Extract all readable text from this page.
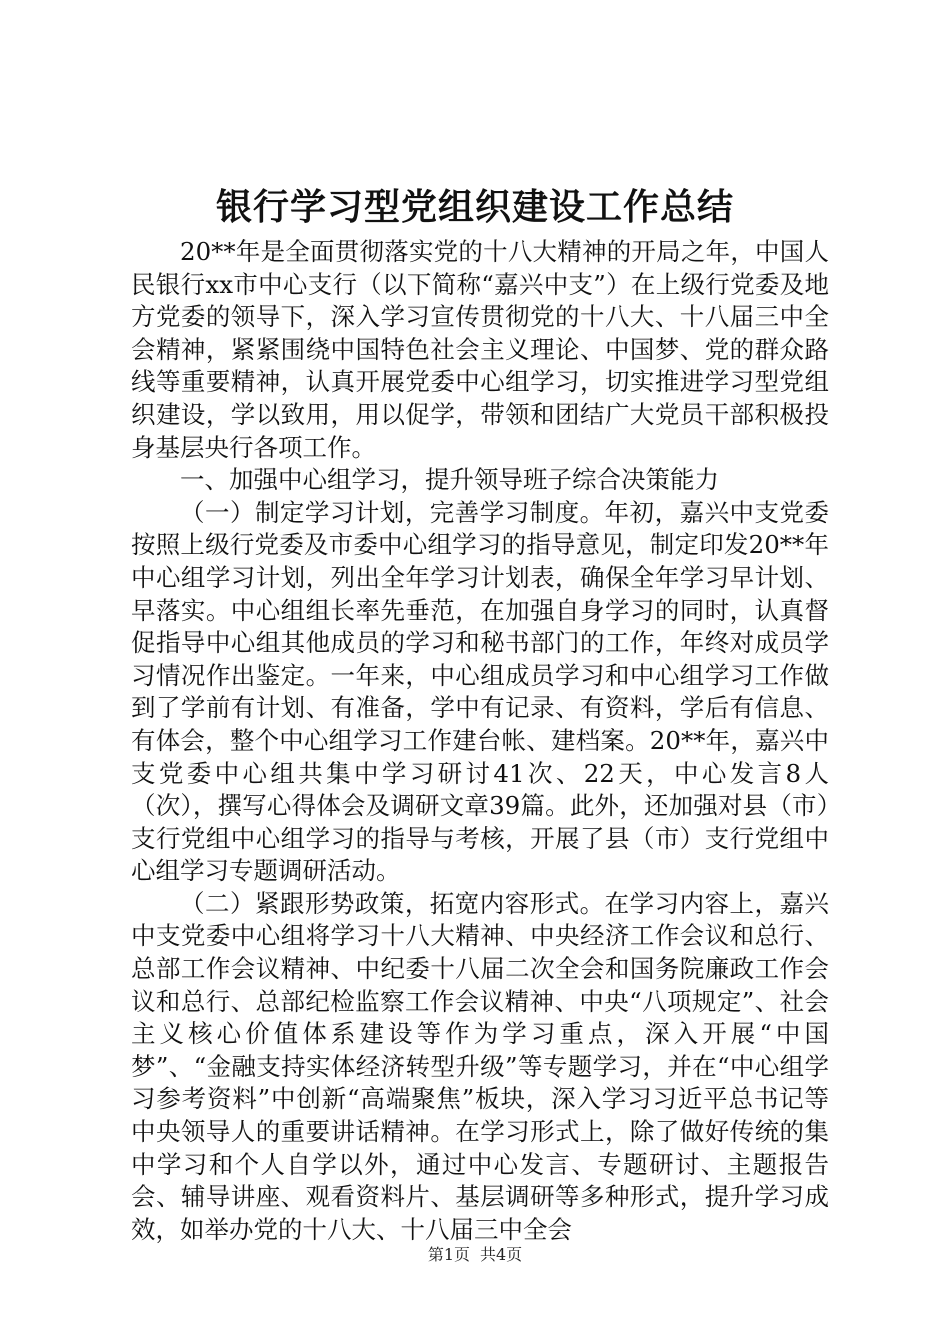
银行学习型党组织建设工作总结

20**年是全面贯彻落实党的十八大精神的开局之年，中国人民银行xx市中心支行（以下简称“嘉兴中支”）在上级行党委及地方党委的领导下，深入学习宣传贯彻党的十八大、十八届三中全会精神，紧紧围绕中国特色社会主义理论、中国梦、党的群众路线等重要精神，认真开展党委中心组学习，切实推进学习型党组织建设，学以致用，用以促学，带领和团结广大党员干部积极投身基层央行各项工作。

一、加强中心组学习，提升领导班子综合决策能力

（一）制定学习计划，完善学习制度。年初，嘉兴中支党委按照上级行党委及市委中心组学习的指导意见，制定印发20**年中心组学习计划，列出全年学习计划表，确保全年学习早计划、早落实。中心组组长率先垂范，在加强自身学习的同时，认真督促指导中心组其他成员的学习和秘书部门的工作，年终对成员学习情况作出鉴定。一年来，中心组成员学习和中心组学习工作做到了学前有计划、有准备，学中有记录、有资料，学后有信息、有体会，整个中心组学习工作建台帐、建档案。20**年，嘉兴中支党委中心组共集中学习研讨41次、22天，中心发言8人（次），撰写心得体会及调研文章39篇。此外，还加强对县（市）支行党组中心组学习的指导与考核，开展了县（市）支行党组中心组学习专题调研活动。

（二）紧跟形势政策，拓宽内容形式。在学习内容上，嘉兴中支党委中心组将学习十八大精神、中央经济工作会议和总行、总部工作会议精神、中纪委十八届二次全会和国务院廉政工作会议和总行、总部纪检监察工作会议精神、中央“八项规定”、社会主义核心价值体系建设等作为学习重点，深入开展“中国梦”、“金融支持实体经济转型升级”等专题学习，并在“中心组学习参考资料”中创新“高端聚焦”板块，深入学习习近平总书记等中央领导人的重要讲话精神。在学习形式上，除了做好传统的集中学习和个人自学以外，通过中心发言、专题研讨、主题报告会、辅导讲座、观看资料片、基层调研等多种形式，提升学习成效，如举办党的十八大、十八届三中全会

第1页 共4页
